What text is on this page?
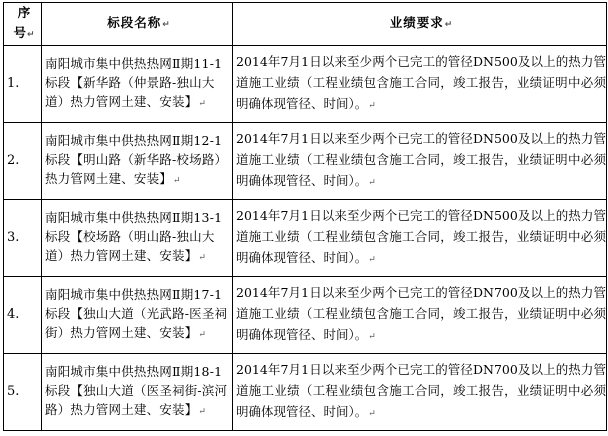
序
号↵	标段名称↵	业绩要求↵
1.	南阳城市集中供热热网Ⅱ期11-1标段【新华路（仲景路-独山大道）热力管网土建、安装】↵	2014年7月1日以来至少两个已完工的管径DN500及以上的热力管道施工业绩（工程业绩包含施工合同，竣工报告，业绩证明中必须明确体现管径、时间）。↵
2.	南阳城市集中供热热网Ⅱ期12-1标段【明山路（新华路-校场路）热力管网土建、安装】↵	2014年7月1日以来至少两个已完工的管径DN500及以上的热力管道施工业绩（工程业绩包含施工合同，竣工报告，业绩证明中必须明确体现管径、时间）。↵
3.	南阳城市集中供热热网Ⅱ期13-1标段【校场路（明山路-独山大道）热力管网土建、安装】↵	2014年7月1日以来至少两个已完工的管径DN500及以上的热力管道施工业绩（工程业绩包含施工合同，竣工报告，业绩证明中必须明确体现管径、时间）。↵
4.	南阳城市集中供热热网Ⅱ期17-1标段【独山大道（光武路-医圣祠街）热力管网土建、安装】↵	2014年7月1日以来至少两个已完工的管径DN700及以上的热力管道施工业绩（工程业绩包含施工合同，竣工报告，业绩证明中必须明确体现管径、时间）。↵
5.	南阳城市集中供热热网Ⅱ期18-1标段【独山大道（医圣祠街-滨河路）热力管网土建、安装】↵	2014年7月1日以来至少两个已完工的管径DN700及以上的热力管道施工业绩（工程业绩包含施工合同，竣工报告，业绩证明中必须明确体现管径、时间）。↵
